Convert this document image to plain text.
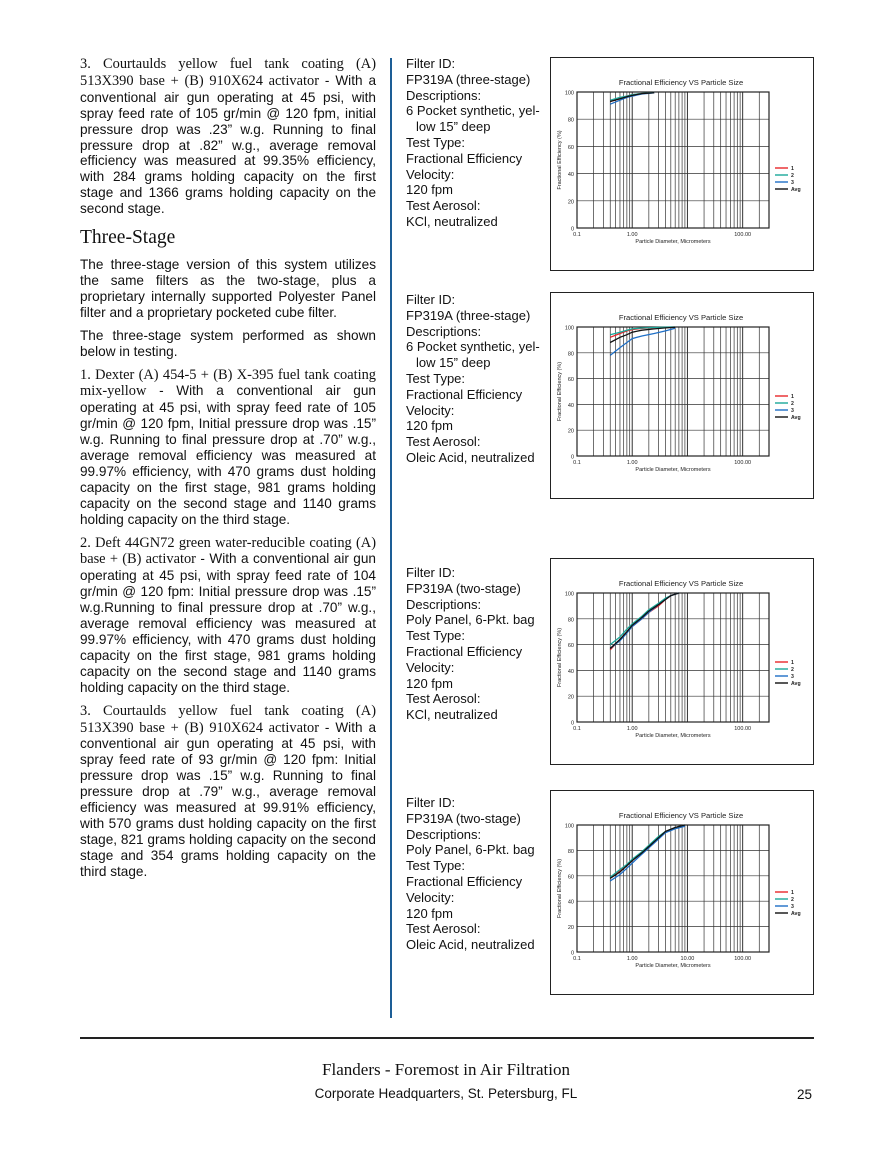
3. Courtaulds yellow fuel tank coating (A) 513X390 base + (B) 910X624 activator - With a conventional air gun operating at 45 psi, with spray feed rate of 105 gr/min @ 120 fpm, initial pressure drop was .23” w.g. Running to final pressure drop at .82” w.g., average removal efficiency was measured at 99.35% efficiency, with 284 grams holding capacity on the first stage and 1366 grams holding capacity on the second stage.

Three-Stage

The three-stage version of this system utilizes the same filters as the two-stage, plus a proprietary internally supported Polyester Panel filter and a proprietary pocketed cube filter.

The three-stage system performed as shown below in testing.

1. Dexter (A) 454-5 + (B) X-395 fuel tank coating mix-yellow - With a conventional air gun operating at 45 psi, with spray feed rate of 105 gr/min @ 120 fpm, Initial pressure drop was .15” w.g. Running to final pressure drop at .70” w.g., average removal efficiency was measured at 99.97% efficiency, with 470 grams dust holding capacity on the first stage, 981 grams holding capacity on the second stage and 1140 grams holding capacity on the third stage.

2. Deft 44GN72 green water-reducible coating (A) base + (B) activator - With a conventional air gun operating at 45 psi, with spray feed rate of 104 gr/min @ 120 fpm: Initial pressure drop was .15” w.g.Running to final pressure drop at .70” w.g., average removal efficiency was measured at 99.97% efficiency, with 470 grams dust holding capacity on the first stage, 981 grams holding capacity on the second stage and 1140 grams holding capacity on the third stage.

3. Courtaulds yellow fuel tank coating (A) 513X390 base + (B) 910X624 activator - With a conventional air gun operating at 45 psi, with spray feed rate of 93 gr/min @ 120 fpm: Initial pressure drop was .15” w.g. Running to final pressure drop at .79” w.g., average removal efficiency was measured at 99.91% efficiency, with 570 grams dust holding capacity on the first stage, 821 grams holding capacity on the second stage and 354 grams holding capacity on the third stage.

Filter ID:
FP319A (three-stage)
Descriptions:
6 Pocket synthetic, yel-
low 15” deep
Test Type:
Fractional Efficiency
Velocity:
120 fpm
Test Aerosol:
KCl, neutralized
Filter ID:
FP319A (three-stage)
Descriptions:
6 Pocket synthetic, yel-
low 15” deep
Test Type:
Fractional Efficiency
Velocity:
120 fpm
Test Aerosol:
Oleic Acid, neutralized
Filter ID:
FP319A (two-stage)
Descriptions:
Poly Panel, 6-Pkt. bag
Test Type:
Fractional Efficiency
Velocity:
120 fpm
Test Aerosol:
KCl, neutralized
Filter ID:
FP319A (two-stage)
Descriptions:
Poly Panel, 6-Pkt. bag
Test Type:
Fractional Efficiency
Velocity:
120 fpm
Test Aerosol:
Oleic Acid, neutralized
Fractional Efficiency VS Particle Size
0
20
40
60
80
100
0.1	1.00	100.00
Particle Diameter, Micrometers
Fractional Efficiency (%)	1
2
3
Avg
Fractional Efficiency VS Particle Size
0
20
40
60
80
100
0.1	1.00	100.00
Particle Diameter, Micrometers
Fractional Efficiency (%)	1
2
3
Avg
Fractional Efficiency VS Particle Size
0
20
40
60
80
100
0.1	1.00	100.00
Particle Diameter, Micrometers
Fractional Efficiency (%)	1
2
3
Avg
Fractional Efficiency VS Particle Size
0
20
40
60
80
100
0.1	1.00	10.00	100.00
Particle Diameter, Micrometers
Fractional Efficiency (%)	1
2
3
Avg
Flanders - Foremost in Air Filtration
Corporate Headquarters, St. Petersburg, FL	25
